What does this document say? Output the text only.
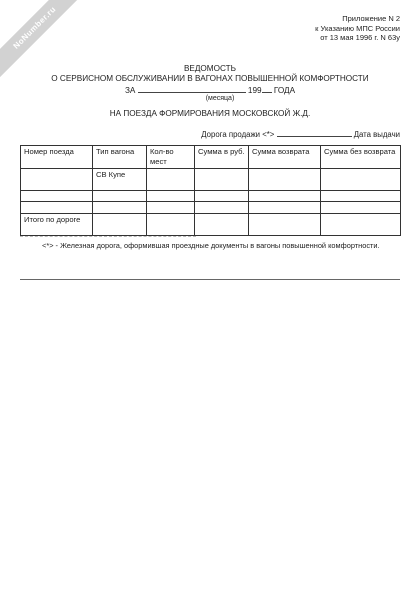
NoNumber.ru	Приложение N 2
к Указанию МПС России
от 13 мая 1996 г. N 63у
ВЕДОМОСТЬ
О СЕРВИСНОМ ОБСЛУЖИВАНИИ В ВАГОНАХ ПОВЫШЕННОЙ КОМФОРТНОСТИ
ЗА	199 ГОДА
(месяца)
НА ПОЕЗДА ФОРМИРОВАНИЯ МОСКОВСКОЙ Ж.Д.
Дорога продажи <*>	Дата выдачи
Номер поезда	Тип вагона	Кол-во мест	Сумма в руб.	Сумма возврата	Сумма без возврата
	СВ Купе				

Итого по дороге					
<*> - Железная дорога, оформившая проездные документы в вагоны повышенной комфортности.
